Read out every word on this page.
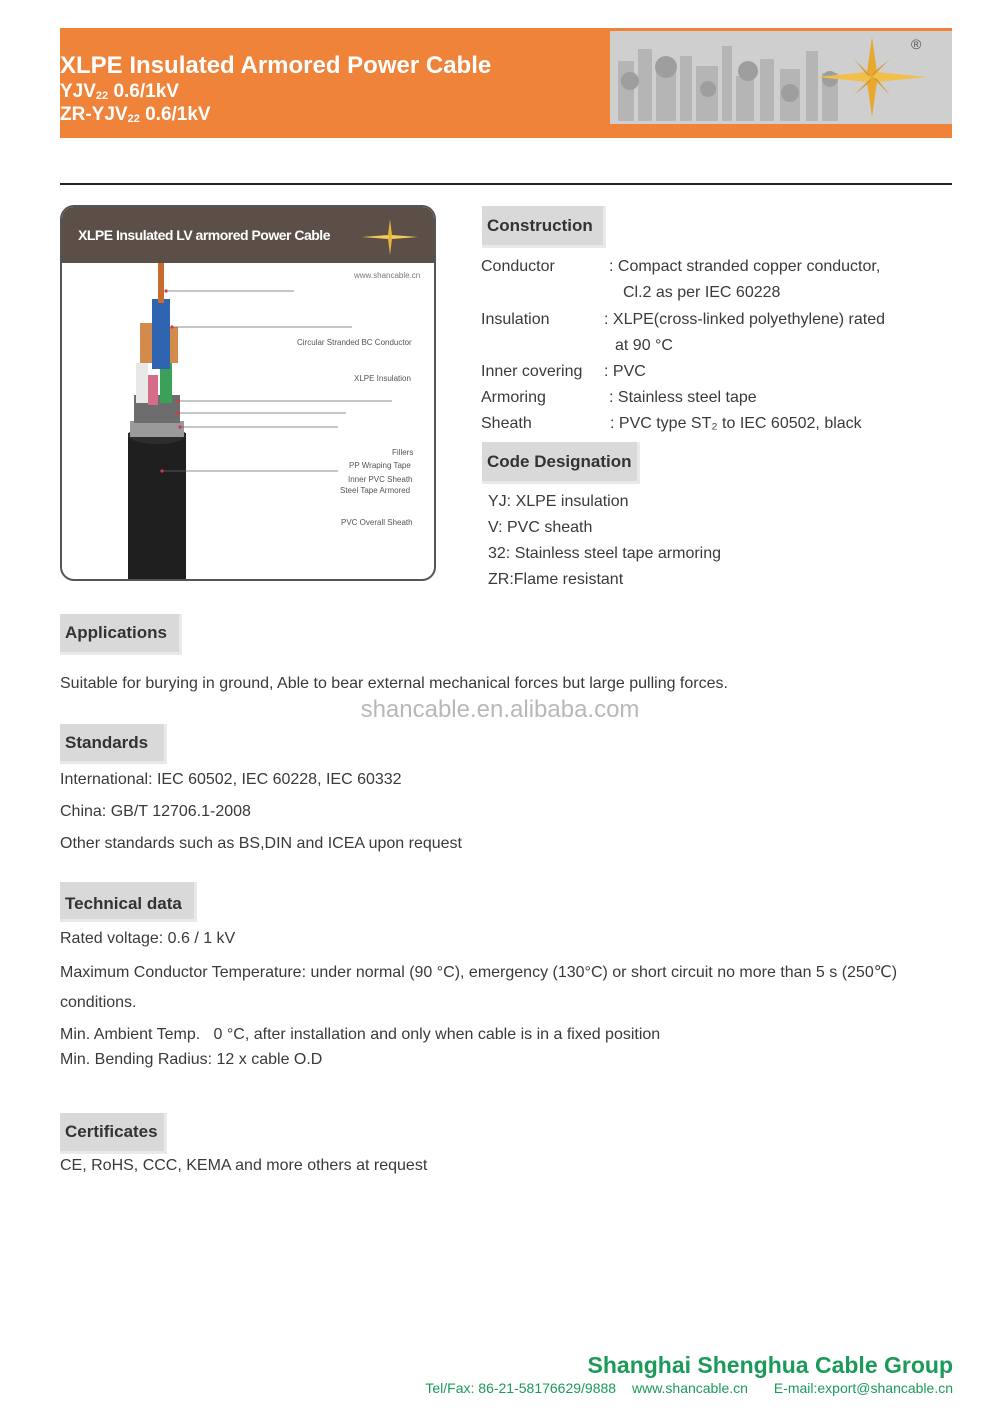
®
XLPE Insulated Armored Power Cable
$YJV_{22}$ 0.6/1kV
$ZR-YJV_{22}$ 0.6/1kV
XLPE Insulated LV armored Power Cable
www.shancable.cn
Circular Stranded BC Conductor
XLPE Insulation
Fillers
PP Wraping Tape
Inner PVC Sheath
Steel Tape Armored
PVC Overall Sheath
Construction
Conductor	: Compact stranded copper conductor,
Cl.2 as per IEC 60228
Insulation	: XLPE(cross-linked polyethylene) rated
at 90 °C
Inner covering : PVC
Armoring	: Stainless steel tape
Sheath	: PVC type ST₂ to IEC 60502, black
Code Designation
YJ: XLPE insulation
V: PVC sheath
32: Stainless steel tape armoring
ZR:Flame resistant
Applications
Suitable for burying in ground, Able to bear external mechanical forces but large pulling forces.
shancable.en.alibaba.com
Standards
International: IEC 60502, IEC 60228, IEC 60332
China: GB/T 12706.1-2008
Other standards such as BS,DIN and ICEA upon request
Technical data
Rated voltage: 0.6 / 1 kV
Maximum Conductor Temperature: under normal (90 °C), emergency (130°C) or short circuit no more than 5 s (250℃)
conditions.
Min. Ambient Temp.   0 °C, after installation and only when cable is in a fixed position
Min. Bending Radius: 12 x cable O.D
Certificates
CE, RoHS, CCC, KEMA and more others at request
Shanghai Shenghua Cable Group
Tel/Fax: 86-21-58176629/9888 www.shancable.cn E-mail:export@shancable.cn
